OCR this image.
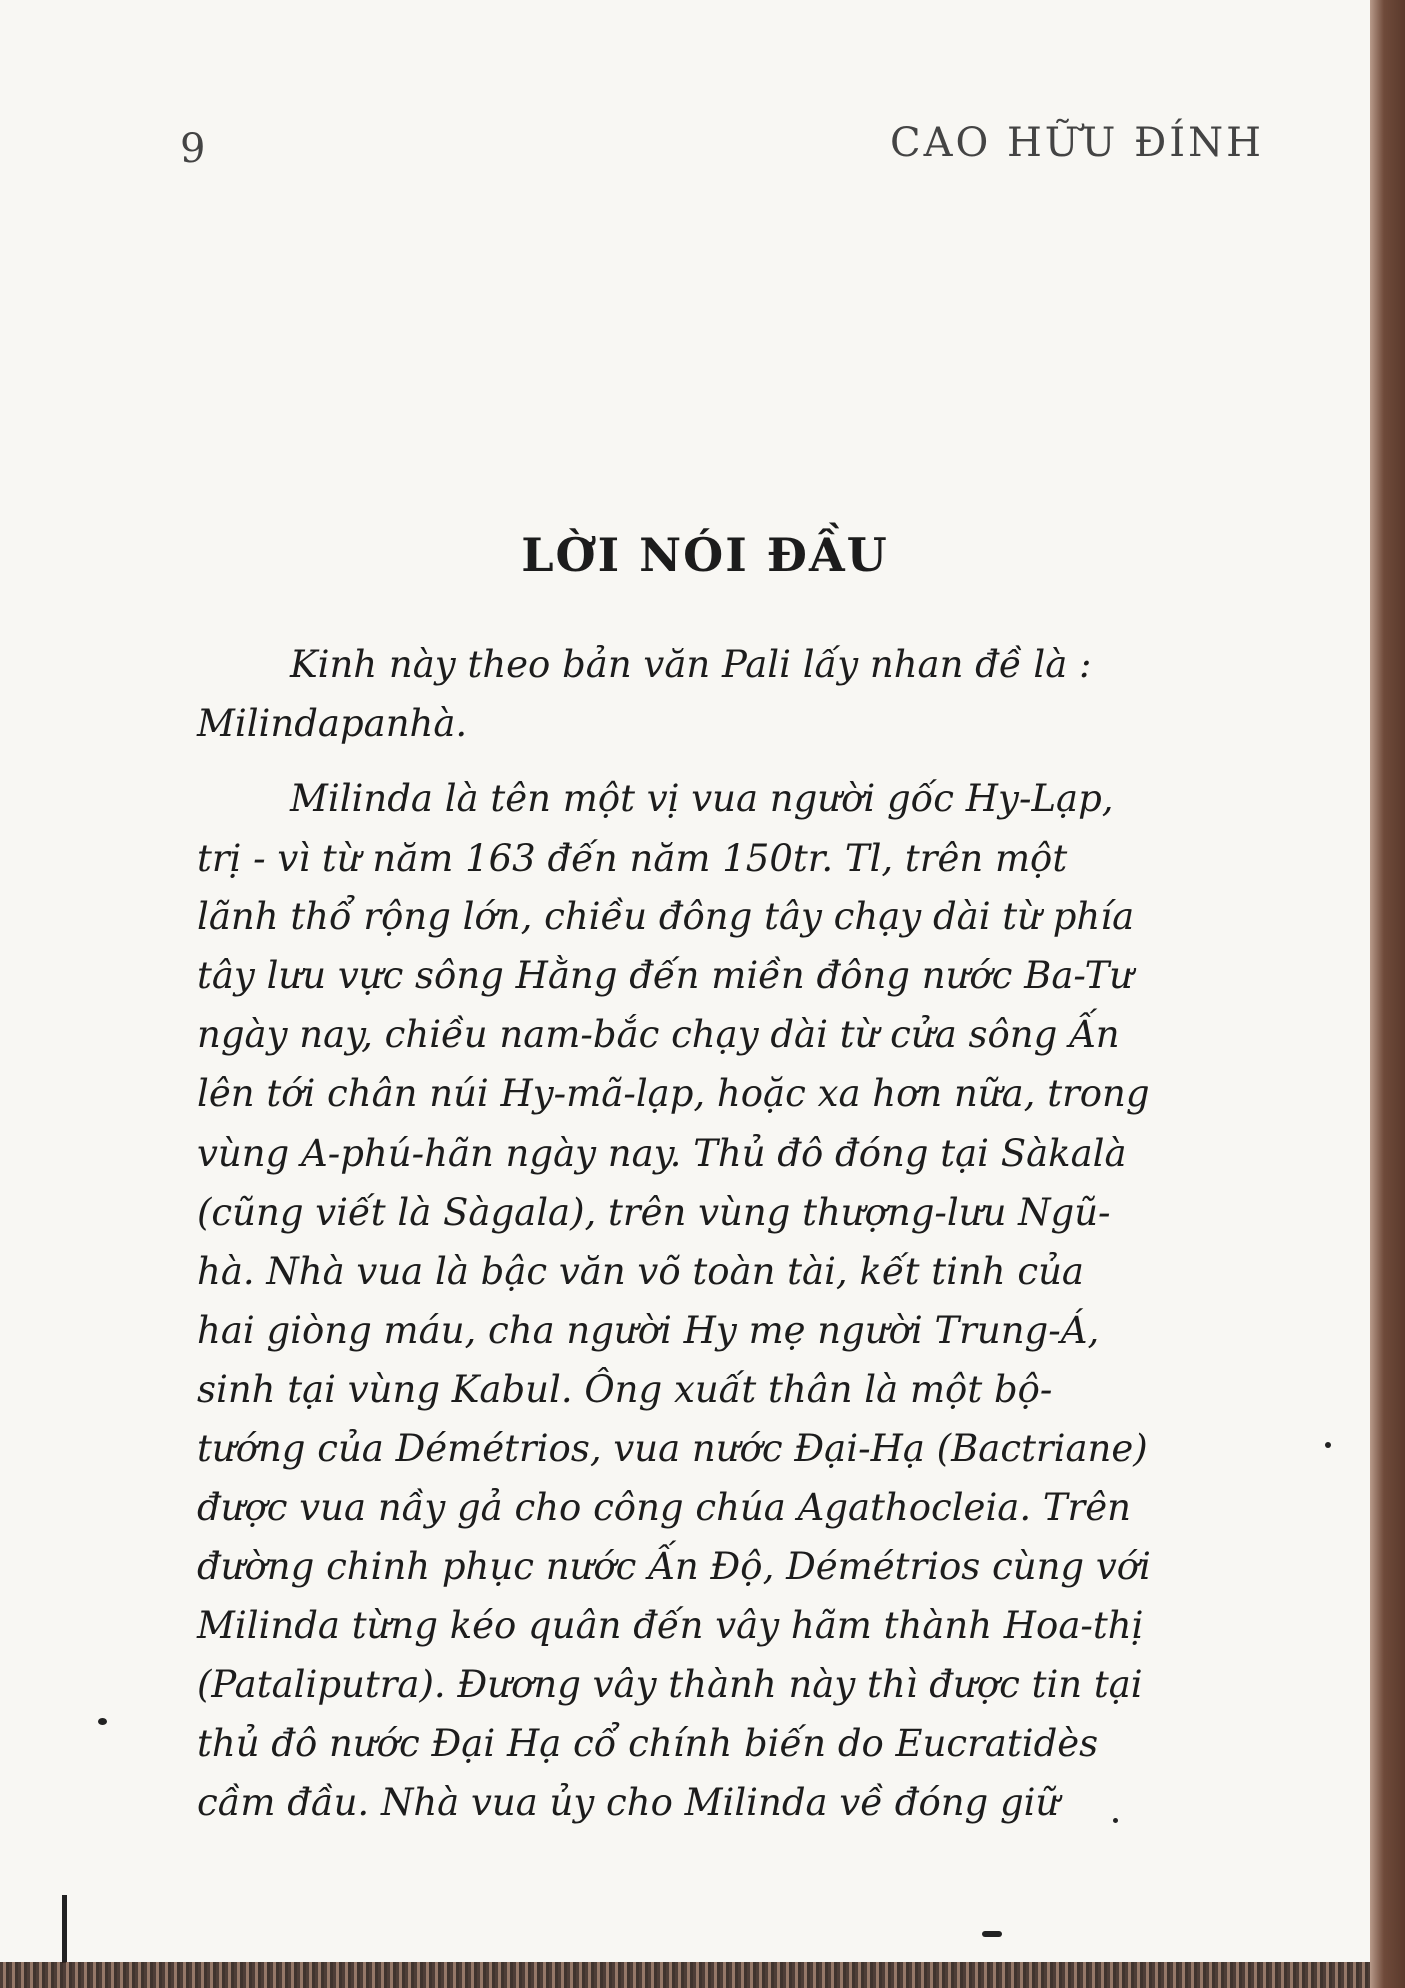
9	CAO HỮU ĐÍNH
LỜI NÓI ĐẦU
Kinh này theo bản văn Pali lấy nhan đề là :
Milindapanhà.
Milinda là tên một vị vua người gốc Hy-Lạp,
trị - vì từ năm 163 đến năm 150tr. Tl, trên một
lãnh thổ rộng lớn, chiều đông tây chạy dài từ phía
tây lưu vực sông Hằng đến miền đông nước Ba-Tư
ngày nay, chiều nam-bắc chạy dài từ cửa sông Ấn
lên tới chân núi Hy-mã-lạp, hoặc xa hơn nữa, trong
vùng A-phú-hãn ngày nay. Thủ đô đóng tại Sàkalà
(cũng viết là Sàgala), trên vùng thượng-lưu Ngũ-
hà. Nhà vua là bậc văn võ toàn tài, kết tinh của
hai giòng máu, cha người Hy mẹ người Trung-Á,
sinh tại vùng Kabul. Ông xuất thân là một bộ-
tướng của Démétrios, vua nước Đại-Hạ (Bactriane)
được vua nầy gả cho công chúa Agathocleia. Trên
đường chinh phục nước Ấn Độ, Démétrios cùng với
Milinda từng kéo quân đến vây hãm thành Hoa-thị
(Pataliputra). Đương vây thành này thì được tin tại
thủ đô nước Đại Hạ cổ chính biến do Eucratidès
cầm đầu. Nhà vua ủy cho Milinda về đóng giữ
